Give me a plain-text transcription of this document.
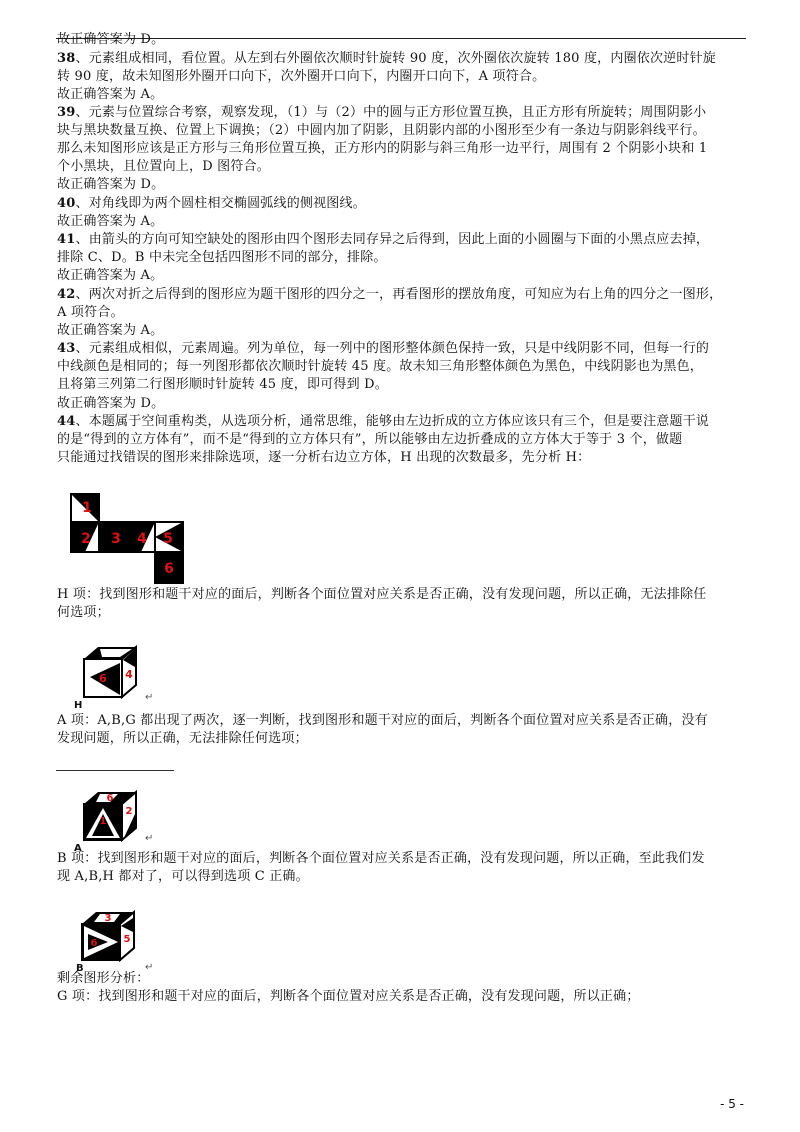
故正确答案为 D。
38、元素组成相同，看位置。从左到右外圈依次顺时针旋转 90 度，次外圈依次旋转 180 度，内圈依次逆时针旋
转 90 度，故未知图形外圈开口向下，次外圈开口向下，内圈开口向下，A 项符合。
故正确答案为 A。
39、元素与位置综合考察，观察发现，（1）与（2）中的圆与正方形位置互换，且正方形有所旋转；周围阴影小
块与黑块数量互换、位置上下调换；（2）中圆内加了阴影，且阴影内部的小图形至少有一条边与阴影斜线平行。
那么未知图形应该是正方形与三角形位置互换，正方形内的阴影与斜三角形一边平行，周围有 2 个阴影小块和 1
个小黑块，且位置向上，D 图符合。
故正确答案为 D。
40、对角线即为两个圆柱相交椭圆弧线的侧视图线。
故正确答案为 A。
41、由箭头的方向可知空缺处的图形由四个图形去同存异之后得到，因此上面的小圆圈与下面的小黑点应去掉，
排除 C、D。B 中未完全包括四图形不同的部分，排除。
故正确答案为 A。
42、两次对折之后得到的图形应为题干图形的四分之一，再看图形的摆放角度，可知应为右上角的四分之一图形，
A 项符合。
故正确答案为 A。
43、元素组成相似，元素周遍。列为单位，每一列中的图形整体颜色保持一致，只是中线阴影不同，但每一行的
中线颜色是相同的；每一列图形都依次顺时针旋转 45 度。故未知三角形整体颜色为黑色，中线阴影也为黑色，
且将第三列第二行图形顺时针旋转 45 度，即可得到 D。
故正确答案为 D。
44、本题属于空间重构类，从选项分析，通常思维，能够由左边折成的立方体应该只有三个，但是要注意题干说
的是“得到的立方体有”，而不是“得到的立方体只有”，所以能够由左边折叠成的立方体大于等于 3 个，做题
只能通过找错误的图形来排除选项，逐一分析右边立方体，H 出现的次数最多，先分析 H：
H 项：找到图形和题干对应的面后，判断各个面位置对应关系是否正确，没有发现问题，所以正确，无法排除任
何选项；
A 项：A,B,G 都出现了两次，逐一判断，找到图形和题干对应的面后，判断各个面位置对应关系是否正确，没有
发现问题，所以正确，无法排除任何选项；
B 项：找到图形和题干对应的面后，判断各个面位置对应关系是否正确，没有发现问题，所以正确，至此我们发
现 A,B,H 都对了，可以得到选项 C 正确。
剩余图形分析：
G 项：找到图形和题干对应的面后，判断各个面位置对应关系是否正确，没有发现问题，所以正确；
1
2 3 4 5
6
6 4
H
↵
6
1
2
A
↵
3
6	5
B	↵
- 5 -
